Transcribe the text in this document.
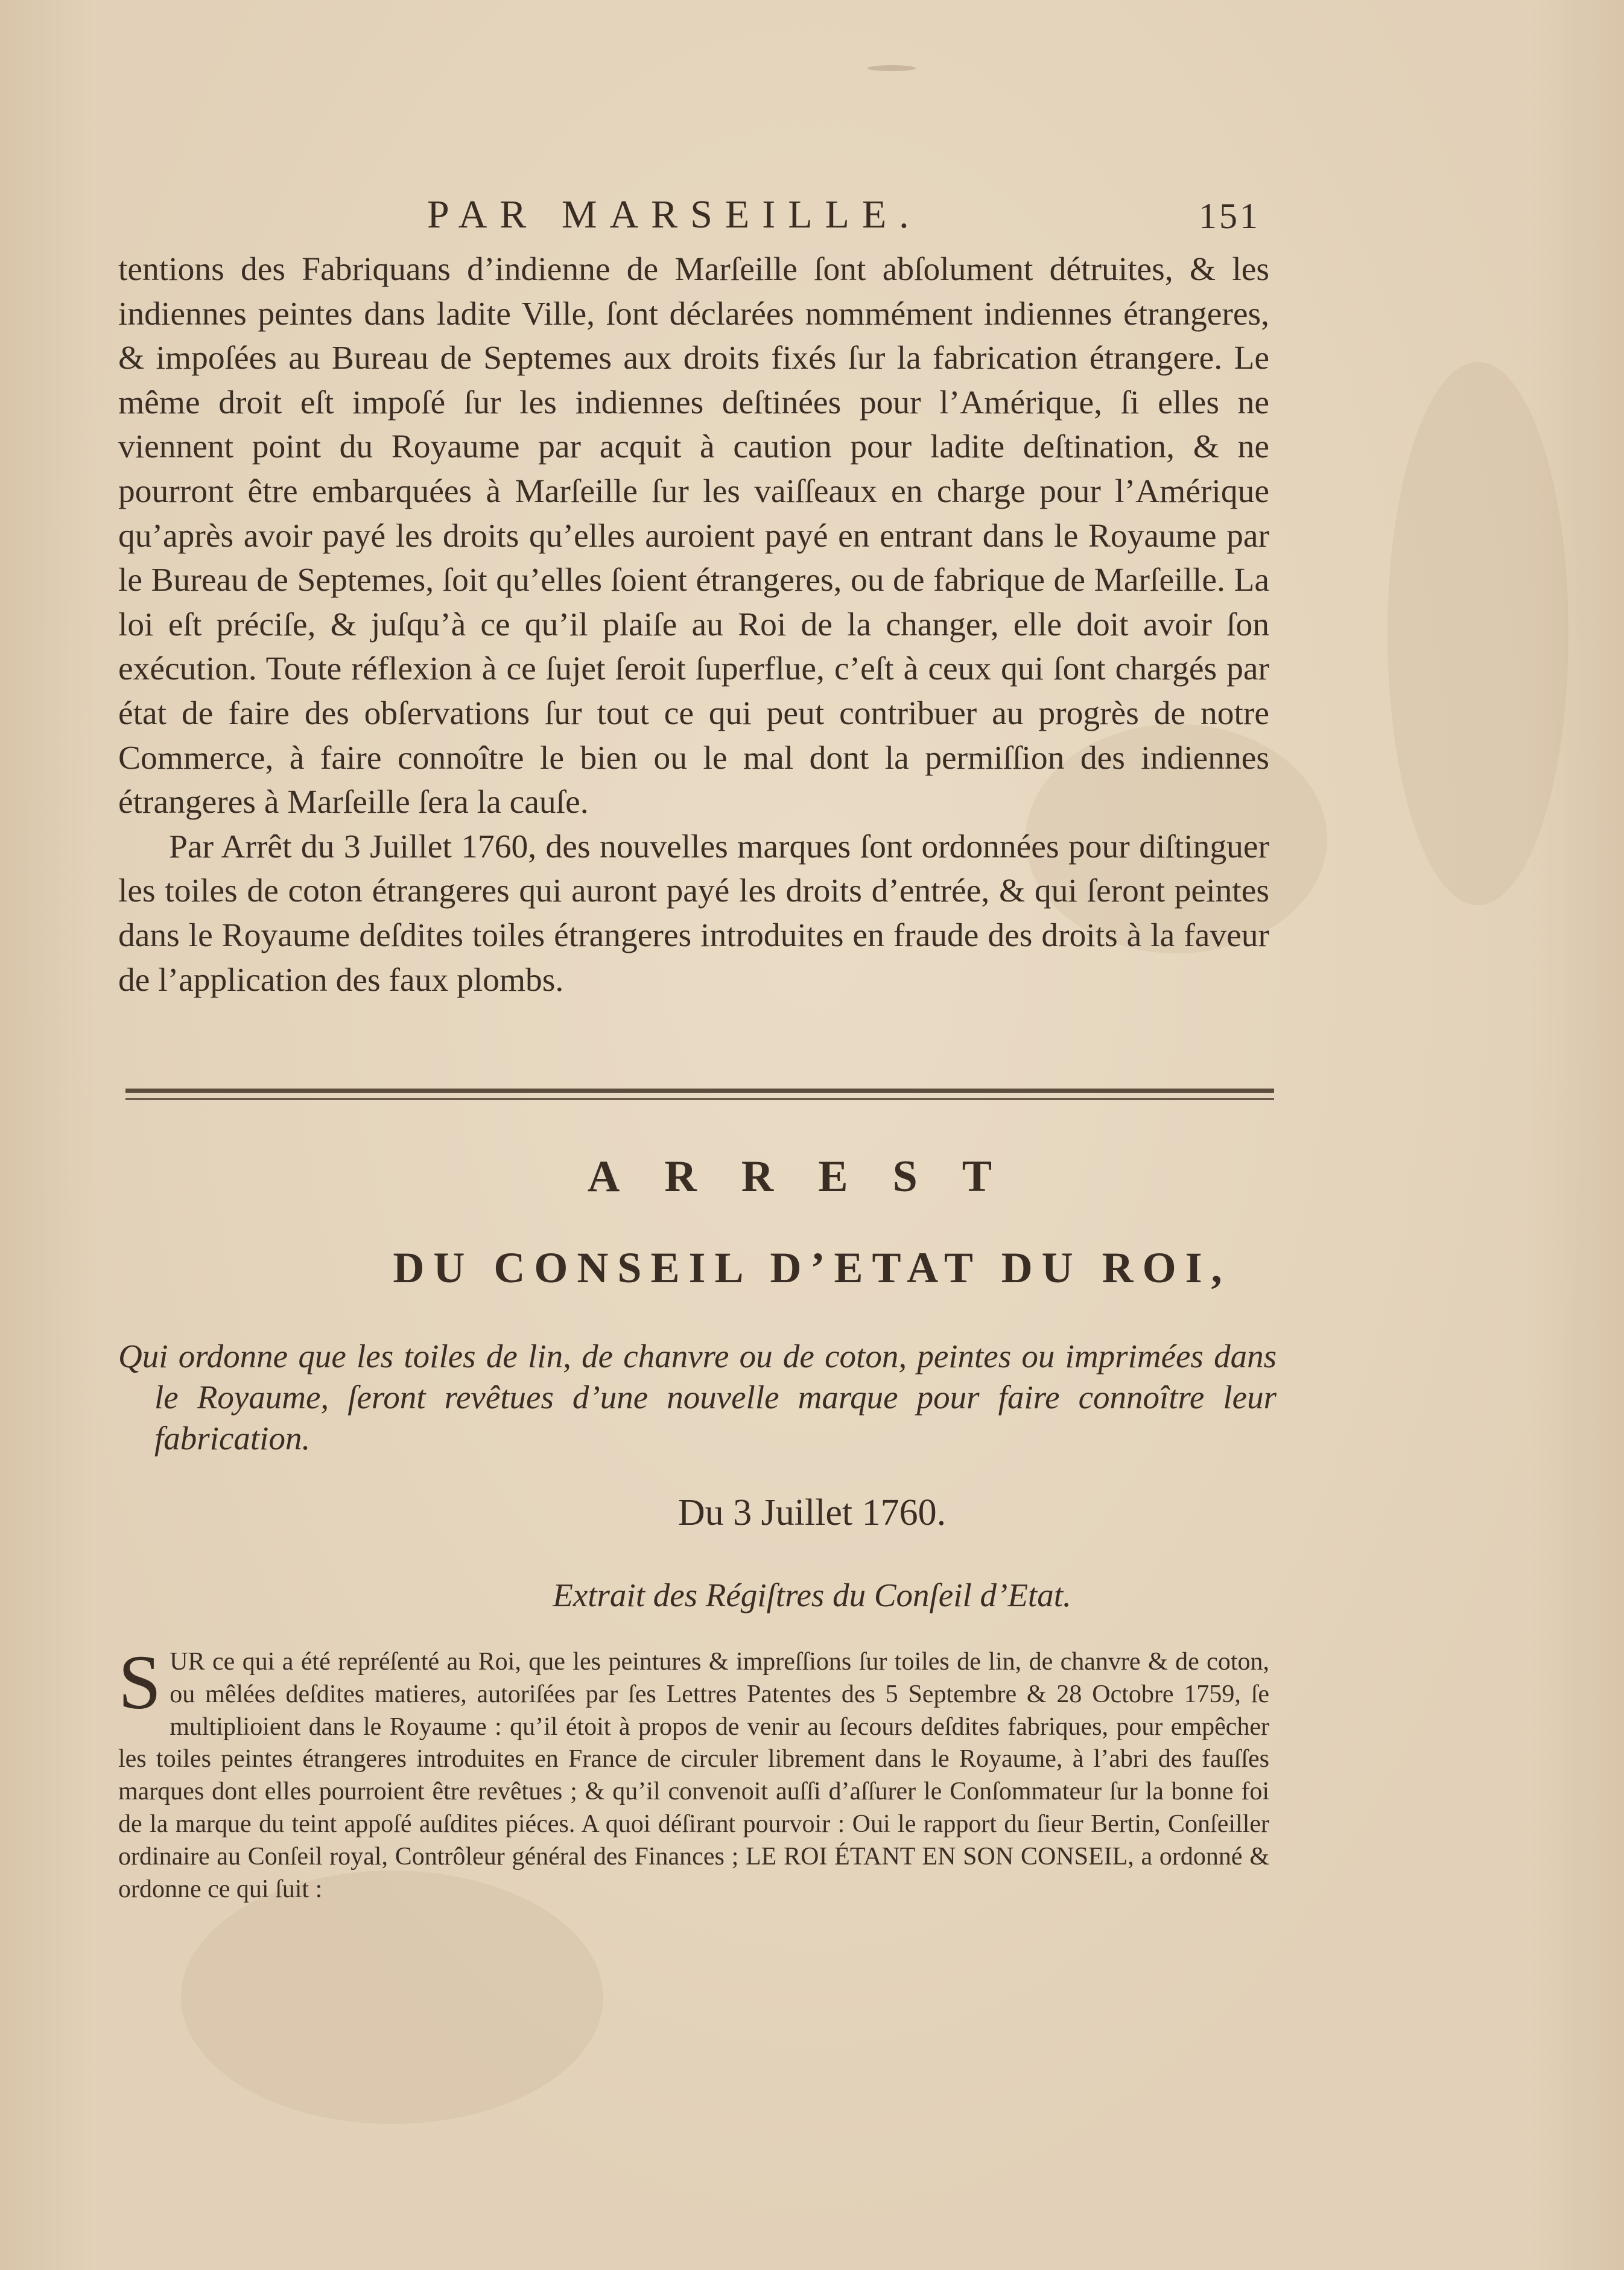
PAR MARSEILLE.	151

tentions des Fabriquans d’indienne de Marſeille ſont abſolument détruites, & les indiennes peintes dans ladite Ville, ſont déclarées nommément indiennes étrangeres, & impoſées au Bureau de Septemes aux droits fixés ſur la fabrication étrangere. Le même droit eſt impoſé ſur les indiennes deſtinées pour l’Amérique, ſi elles ne viennent point du Royaume par acquit à caution pour ladite deſtination, & ne pourront être embarquées à Marſeille ſur les vaiſſeaux en charge pour l’Amérique qu’après avoir payé les droits qu’elles auroient payé en entrant dans le Royaume par le Bureau de Septemes, ſoit qu’elles ſoient étrangeres, ou de fabrique de Marſeille. La loi eſt préciſe, & juſqu’à ce qu’il plaiſe au Roi de la changer, elle doit avoir ſon exécution. Toute réflexion à ce ſujet ſeroit ſuperflue, c’eſt à ceux qui ſont chargés par état de faire des obſervations ſur tout ce qui peut contribuer au progrès de notre Commerce, à faire connoître le bien ou le mal dont la permiſſion des indiennes étrangeres à Marſeille ſera la cauſe.

Par Arrêt du 3 Juillet 1760, des nouvelles marques ſont ordonnées pour diſtinguer les toiles de coton étrangeres qui auront payé les droits d’entrée, & qui ſeront peintes dans le Royaume deſdites toiles étrangeres introduites en fraude des droits à la faveur de l’application des faux plombs.

ARREST
DU CONSEIL D’ETAT DU ROI,

Qui ordonne que les toiles de lin, de chanvre ou de coton, peintes ou imprimées dans le Royaume, ſeront revêtues d’une nouvelle marque pour faire connoître leur fabrication.

Du 3 Juillet 1760.
Extrait des Régiſtres du Conſeil d’Etat.

SUR ce qui a été repréſenté au Roi, que les peintures & impreſſions ſur toiles de lin, de chanvre & de coton, ou mêlées deſdites matieres, autoriſées par ſes Lettres Patentes des 5 Septembre & 28 Octobre 1759, ſe multiplioient dans le Royaume : qu’il étoit à propos de venir au ſecours deſdites fabriques, pour empêcher les toiles peintes étrangeres introduites en France de circuler librement dans le Royaume, à l’abri des fauſſes marques dont elles pourroient être revêtues ; & qu’il convenoit auſſi d’aſſurer le Conſommateur ſur la bonne foi de la marque du teint appoſé auſdites piéces. A quoi déſirant pourvoir : Oui le rapport du ſieur Bertin, Conſeiller ordinaire au Conſeil royal, Contrôleur général des Finances ; LE ROI ÉTANT EN SON CONSEIL, a ordonné & ordonne ce qui ſuit :
